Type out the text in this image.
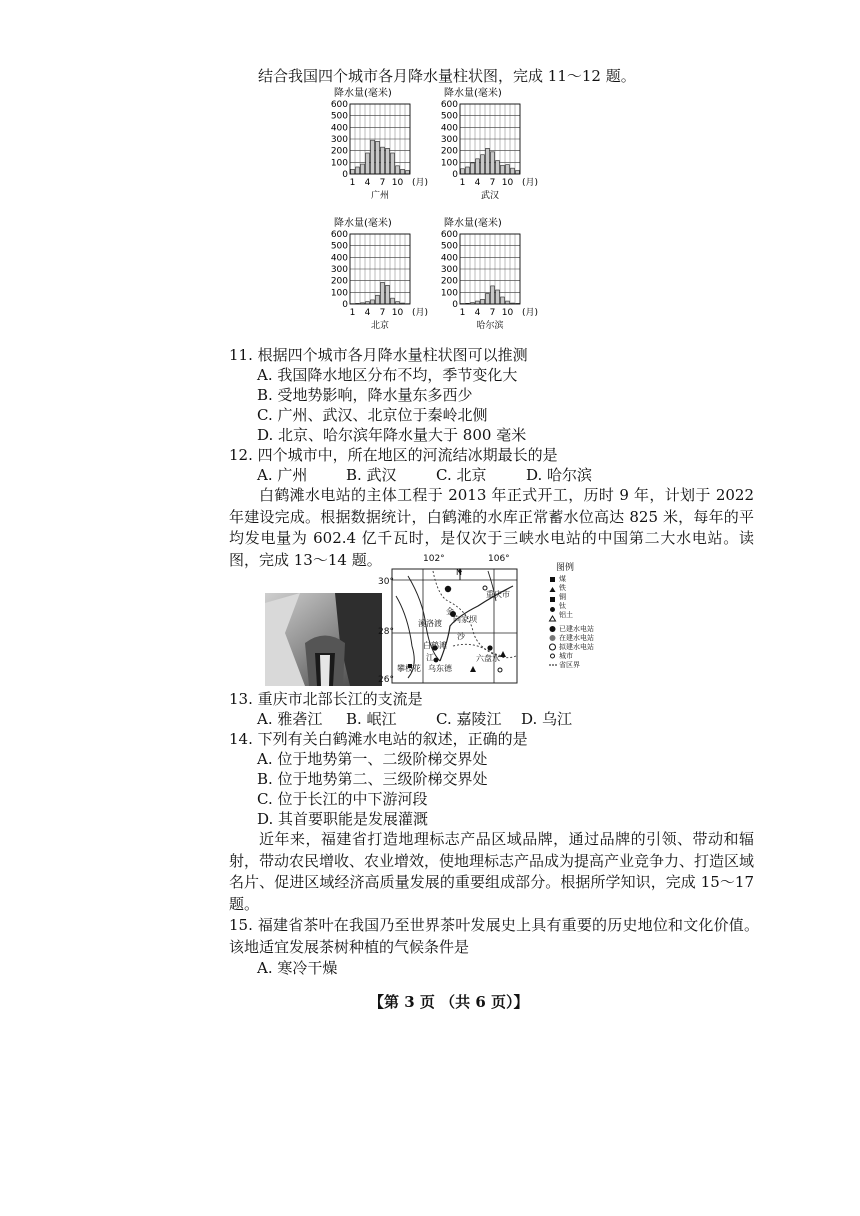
结合我国四个城市各月降水量柱状图，完成 11～12 题。
降水量(毫米)
600
500
400
300
200
100
0
1 4 7 10 (月)
广州
降水量(毫米)
600
500
400
300
200
100
0
1 4 7 10 (月)
武汉
降水量(毫米)
600
500
400
300
200
100
0
1 4 7 10 (月)
北京
降水量(毫米)
600
500
400
300
200
100
0
1 4 7 10 (月)
哈尔滨
11. 根据四个城市各月降水量柱状图可以推测
A. 我国降水地区分布不均，季节变化大
B. 受地势影响，降水量东多西少
C. 广州、武汉、北京位于秦岭北侧
D. 北京、哈尔滨年降水量大于 800 毫米
12. 四个城市中，所在地区的河流结冰期最长的是
A. 广州	B. 武汉	C. 北京	D. 哈尔滨
白鹤滩水电站的主体工程于 2013 年正式开工，历时 9 年，计划于 2022 年建设完成。根据数据统计，白鹤滩的水库正常蓄水位高达 825 米，每年的平均发电量为 602.4 亿千瓦时，是仅次于三峡水电站的中国第二大水电站。读图，完成 13～14 题。	102°	106°
30°
28°
26°
N
重庆市
溪洛渡 向家坝
金
沙
白鹤滩
江
攀枝花 乌东德
六盘水
图例
煤
铁
铜
钛
铝土
已建水电站
在建水电站
拟建水电站
城市
省区界
13. 重庆市北部长江的支流是
A. 雅砻江 B. 岷江	C. 嘉陵江 D. 乌江
14. 下列有关白鹤滩水电站的叙述，正确的是
A. 位于地势第一、二级阶梯交界处
B. 位于地势第二、三级阶梯交界处
C. 位于长江的中下游河段
D. 其首要职能是发展灌溉
近年来，福建省打造地理标志产品区域品牌，通过品牌的引领、带动和辐射，带动农民增收、农业增效，使地理标志产品成为提高产业竞争力、打造区域名片、促进区域经济高质量发展的重要组成部分。根据所学知识，完成 15～17 题。
15. 福建省茶叶在我国乃至世界茶叶发展史上具有重要的历史地位和文化价值。该地适宜发展茶树种植的气候条件是
A. 寒冷干燥
【第 3 页 （共 6 页）】
